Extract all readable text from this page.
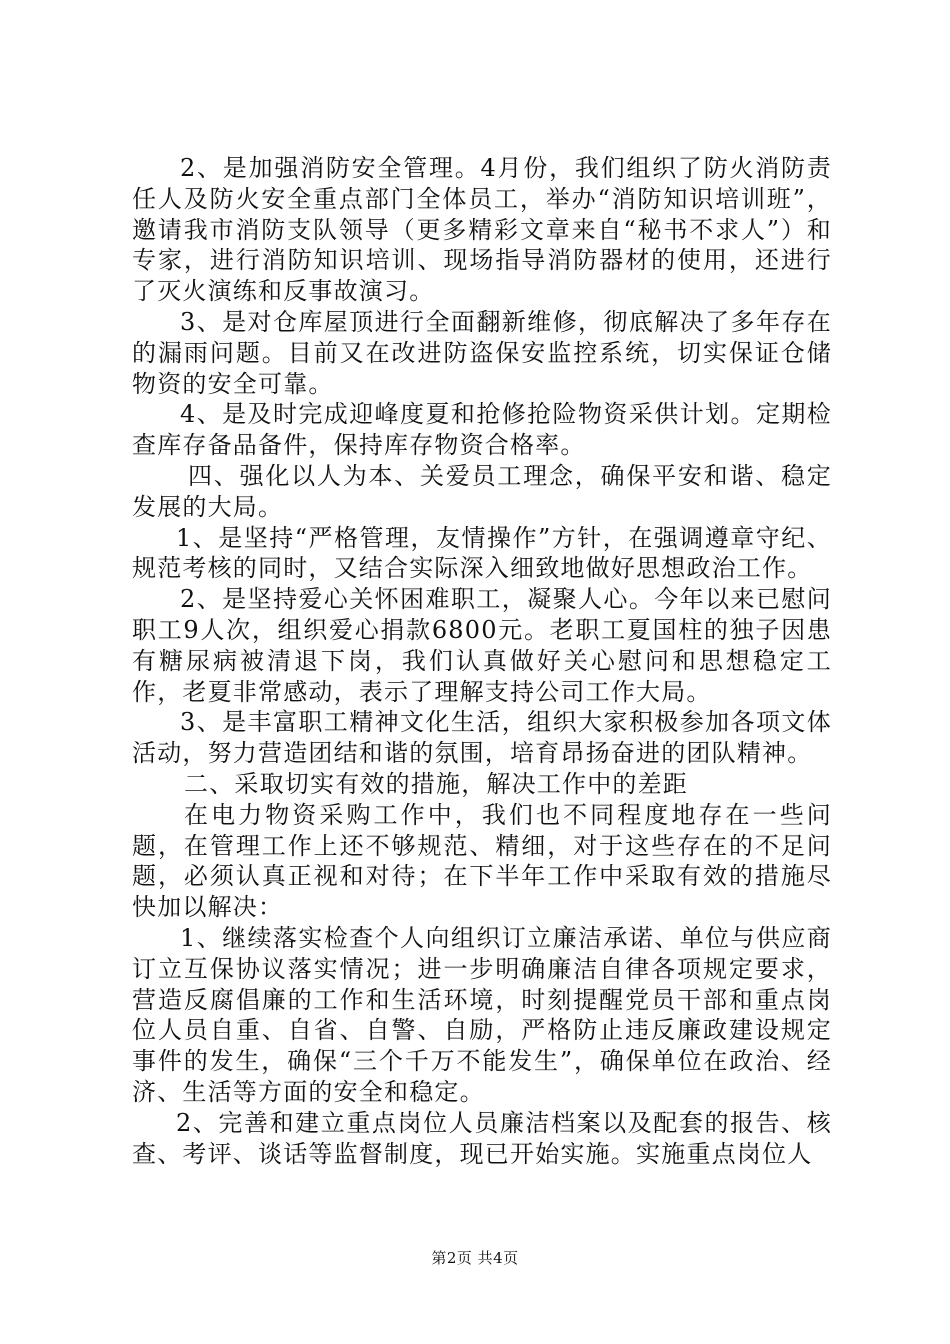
2、是加强消防安全管理。4月份，我们组织了防火消防责任人及防火安全重点部门全体员工，举办“消防知识培训班”，邀请我市消防支队领导（更多精彩文章来自“秘书不求人”）和专家，进行消防知识培训、现场指导消防器材的使用，还进行了灭火演练和反事故演习。

3、是对仓库屋顶进行全面翻新维修，彻底解决了多年存在的漏雨问题。目前又在改进防盗保安监控系统，切实保证仓储物资的安全可靠。

4、是及时完成迎峰度夏和抢修抢险物资采供计划。定期检查库存备品备件，保持库存物资合格率。

四、强化以人为本、关爱员工理念，确保平安和谐、稳定发展的大局。

1、是坚持“严格管理，友情操作”方针，在强调遵章守纪、规范考核的同时，又结合实际深入细致地做好思想政治工作。

2、是坚持爱心关怀困难职工，凝聚人心。今年以来已慰问职工9人次，组织爱心捐款6800元。老职工夏国柱的独子因患有糖尿病被清退下岗，我们认真做好关心慰问和思想稳定工作，老夏非常感动，表示了理解支持公司工作大局。

3、是丰富职工精神文化生活，组织大家积极参加各项文体活动，努力营造团结和谐的氛围，培育昂扬奋进的团队精神。

二、采取切实有效的措施，解决工作中的差距

在电力物资采购工作中，我们也不同程度地存在一些问题，在管理工作上还不够规范、精细，对于这些存在的不足问题，必须认真正视和对待；在下半年工作中采取有效的措施尽快加以解决：

1、继续落实检查个人向组织订立廉洁承诺、单位与供应商订立互保协议落实情况；进一步明确廉洁自律各项规定要求，营造反腐倡廉的工作和生活环境，时刻提醒党员干部和重点岗位人员自重、自省、自警、自励，严格防止违反廉政建设规定事件的发生，确保“三个千万不能发生”，确保单位在政治、经济、生活等方面的安全和稳定。

2、完善和建立重点岗位人员廉洁档案以及配套的报告、核查、考评、谈话等监督制度，现已开始实施。实施重点岗位人

第2页 共4页
